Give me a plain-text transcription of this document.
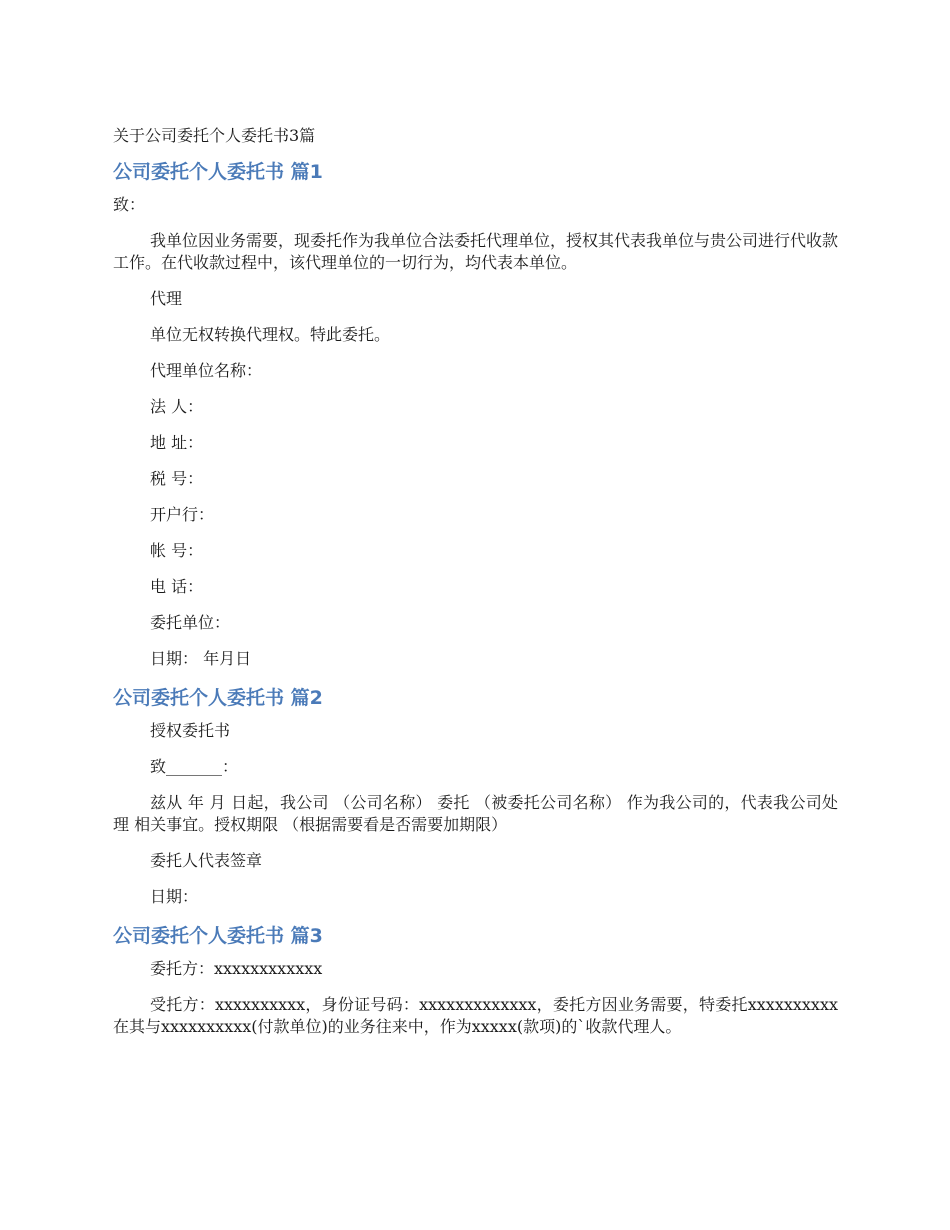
关于公司委托个人委托书3篇
公司委托个人委托书 篇1

致：

我单位因业务需要，现委托作为我单位合法委托代理单位，授权其代表我单位与贵公司进行代收款工作。在代收款过程中，该代理单位的一切行为，均代表本单位。

代理

单位无权转换代理权。特此委托。

代理单位名称：

法 人：

地 址：

税 号：

开户行：

帐 号：

电 话：

委托单位：

日期： 年月日

公司委托个人委托书 篇2

授权委托书

致_______：

兹从 年 月 日起，我公司 （公司名称） 委托 （被委托公司名称） 作为我公司的，代表我公司处理 相关事宜。授权期限 （根据需要看是否需要加期限）

委托人代表签章

日期：

公司委托个人委托书 篇3

委托方：xxxxxxxxxxxx

受托方：xxxxxxxxxx，身份证号码：xxxxxxxxxxxxx，委托方因业务需要，特委托xxxxxxxxxx在其与xxxxxxxxxx(付款单位)的业务往来中，作为xxxxx(款项)的`收款代理人。
